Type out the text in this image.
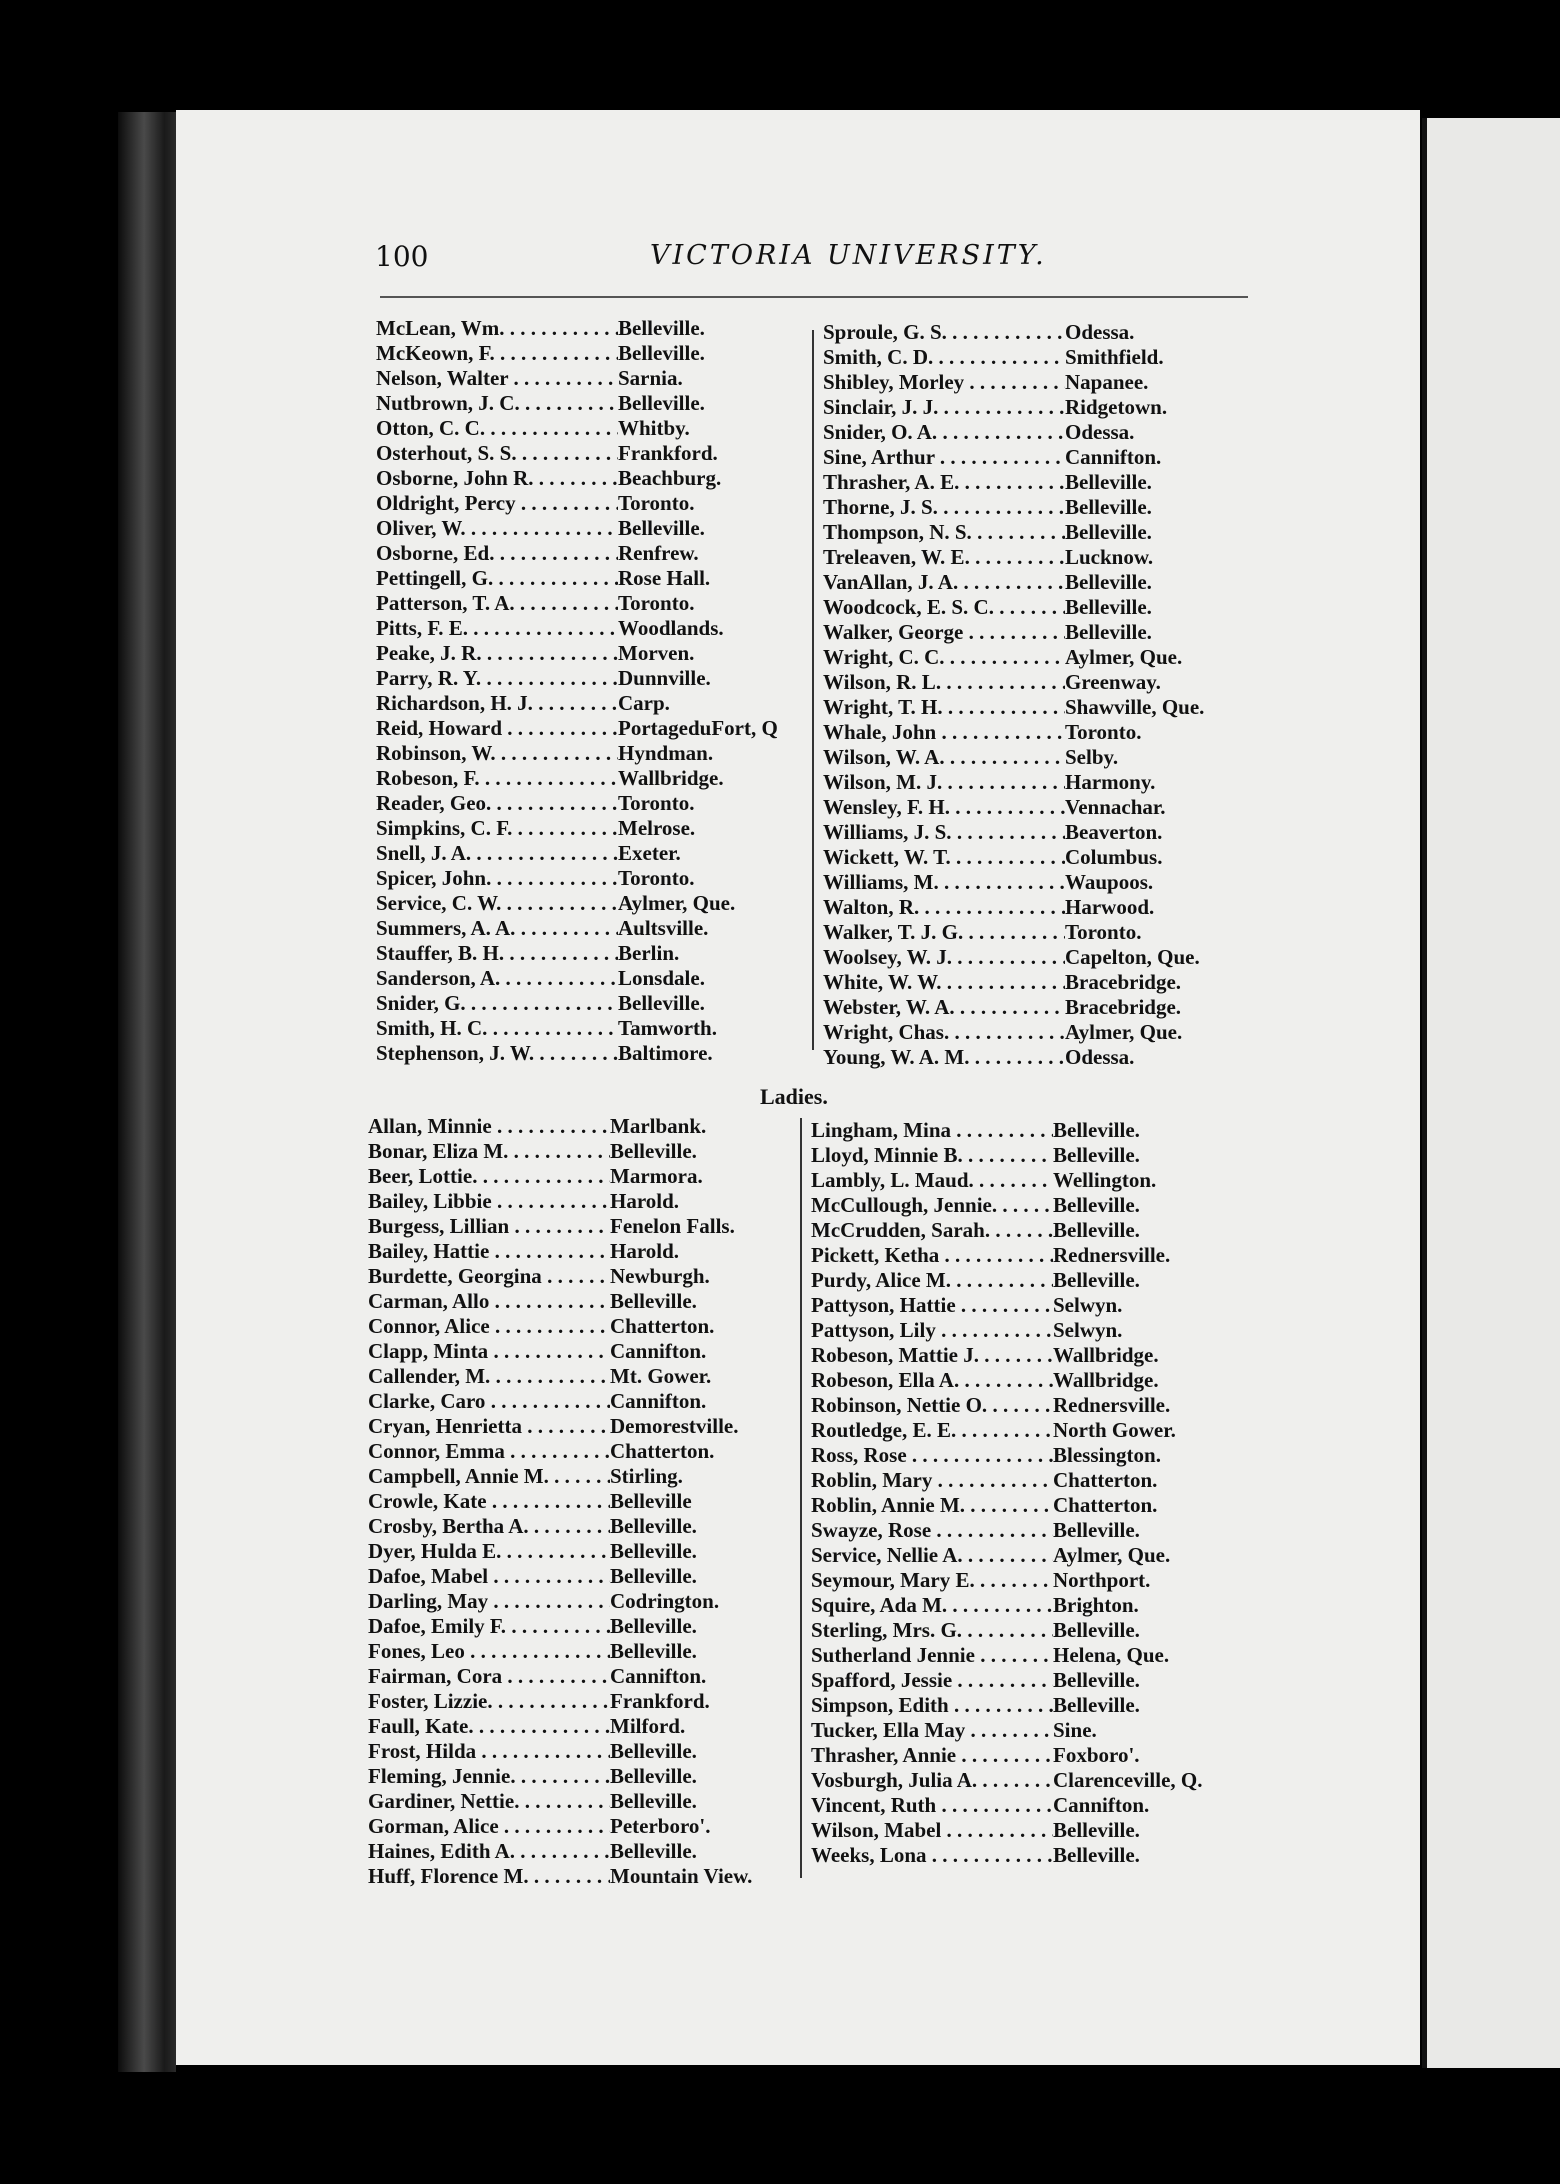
100	VICTORIA UNIVERSITY.
McLean, Wm. . . .	Belleville.
McKeown, F. . . .	Belleville.
Nelson, Walter . . .	Sarnia.
Nutbrown, J. C. . . .	Belleville.
Otton, C. C. . . .	Whitby.
Osterhout, S. S. . . .	Frankford.
Osborne, John R. . . .	Beachburg.
Oldright, Percy . . .	Toronto.
Oliver, W. . . .	Belleville.
Osborne, Ed. . . .	Renfrew.
Pettingell, G. . . .	Rose Hall.
Patterson, T. A. . . .	Toronto.
Pitts, F. E. . . .	Woodlands.
Peake, J. R. . . .	Morven.
Parry, R. Y. . . .	Dunnville.
Richardson, H. J. . . .	Carp.
Reid, Howard . . .	PortageduFort, Q
Robinson, W. . . .	Hyndman.
Robeson, F. . . .	Wallbridge.
Reader, Geo. . . .	Toronto.
Simpkins, C. F. . . .	Melrose.
Snell, J. A. . . .	Exeter.
Spicer, John. . . .	Toronto.
Service, C. W. . . .	Aylmer, Que.
Summers, A. A. . . .	Aultsville.
Stauffer, B. H. . . .	Berlin.
Sanderson, A. . . .	Lonsdale.
Snider, G. . . .	Belleville.
Smith, H. C. . . .	Tamworth.
Stephenson, J. W. . . .	Baltimore.
Sproule, G. S. . . .	Odessa.
Smith, C. D. . . .	Smithfield.
Shibley, Morley . . .	Napanee.
Sinclair, J. J. . . .	Ridgetown.
Snider, O. A. . . .	Odessa.
Sine, Arthur . . .	Cannifton.
Thrasher, A. E. . . .	Belleville.
Thorne, J. S. . . .	Belleville.
Thompson, N. S. . . .	Belleville.
Treleaven, W. E. . . .	Lucknow.
VanAllan, J. A. . . .	Belleville.
Woodcock, E. S. C. . . .	Belleville.
Walker, George . . .	Belleville.
Wright, C. C. . . .	Aylmer, Que.
Wilson, R. L. . . .	Greenway.
Wright, T. H. . . .	Shawville, Que.
Whale, John . . .	Toronto.
Wilson, W. A. . . .	Selby.
Wilson, M. J. . . .	Harmony.
Wensley, F. H. . . .	Vennachar.
Williams, J. S. . . .	Beaverton.
Wickett, W. T. . . .	Columbus.
Williams, M. . . .	Waupoos.
Walton, R. . . .	Harwood.
Walker, T. J. G. . . .	Toronto.
Woolsey, W. J. . . .	Capelton, Que.
White, W. W. . . .	Bracebridge.
Webster, W. A. . . .	Bracebridge.
Wright, Chas. . . .	Aylmer, Que.
Young, W. A. M. . . .	Odessa.
Ladies.
Allan, Minnie . . .	Marlbank.
Bonar, Eliza M. . . .	Belleville.
Beer, Lottie. . . .	Marmora.
Bailey, Libbie . . .	Harold.
Burgess, Lillian . . .	Fenelon Falls.
Bailey, Hattie . . .	Harold.
Burdette, Georgina . . .	Newburgh.
Carman, Allo . . .	Belleville.
Connor, Alice . . .	Chatterton.
Clapp, Minta . . .	Cannifton.
Callender, M. . . .	Mt. Gower.
Clarke, Caro . . .	Cannifton.
Cryan, Henrietta . . .	Demorestville.
Connor, Emma . . .	Chatterton.
Campbell, Annie M. . . .	Stirling.
Crowle, Kate . . .	Belleville
Crosby, Bertha A. . . .	Belleville.
Dyer, Hulda E. . . .	Belleville.
Dafoe, Mabel . . .	Belleville.
Darling, May . . .	Codrington.
Dafoe, Emily F. . . .	Belleville.
Fones, Leo . . .	Belleville.
Fairman, Cora . . .	Cannifton.
Foster, Lizzie. . . .	Frankford.
Faull, Kate. . . .	Milford.
Frost, Hilda . . .	Belleville.
Fleming, Jennie. . . .	Belleville.
Gardiner, Nettie. . . .	Belleville.
Gorman, Alice . . .	Peterboro'.
Haines, Edith A. . . .	Belleville.
Huff, Florence M. . . .	Mountain View.
Lingham, Mina . . .	Belleville.
Lloyd, Minnie B. . . .	Belleville.
Lambly, L. Maud. . . .	Wellington.
McCullough, Jennie. . . .	Belleville.
McCrudden, Sarah. . . .	Belleville.
Pickett, Ketha . . .	Rednersville.
Purdy, Alice M. . . .	Belleville.
Pattyson, Hattie . . .	Selwyn.
Pattyson, Lily . . .	Selwyn.
Robeson, Mattie J. . . .	Wallbridge.
Robeson, Ella A. . . .	Wallbridge.
Robinson, Nettie O. . . .	Rednersville.
Routledge, E. E. . . .	North Gower.
Ross, Rose . . .	Blessington.
Roblin, Mary . . .	Chatterton.
Roblin, Annie M. . . .	Chatterton.
Swayze, Rose . . .	Belleville.
Service, Nellie A. . . .	Aylmer, Que.
Seymour, Mary E. . . .	Northport.
Squire, Ada M. . . .	Brighton.
Sterling, Mrs. G. . . .	Belleville.
Sutherland Jennie . . .	Helena, Que.
Spafford, Jessie . . .	Belleville.
Simpson, Edith . . .	Belleville.
Tucker, Ella May . . .	Sine.
Thrasher, Annie . . .	Foxboro'.
Vosburgh, Julia A. . . .	Clarenceville, Q.
Vincent, Ruth . . .	Cannifton.
Wilson, Mabel . . .	Belleville.
Weeks, Lona . . .	Belleville.
